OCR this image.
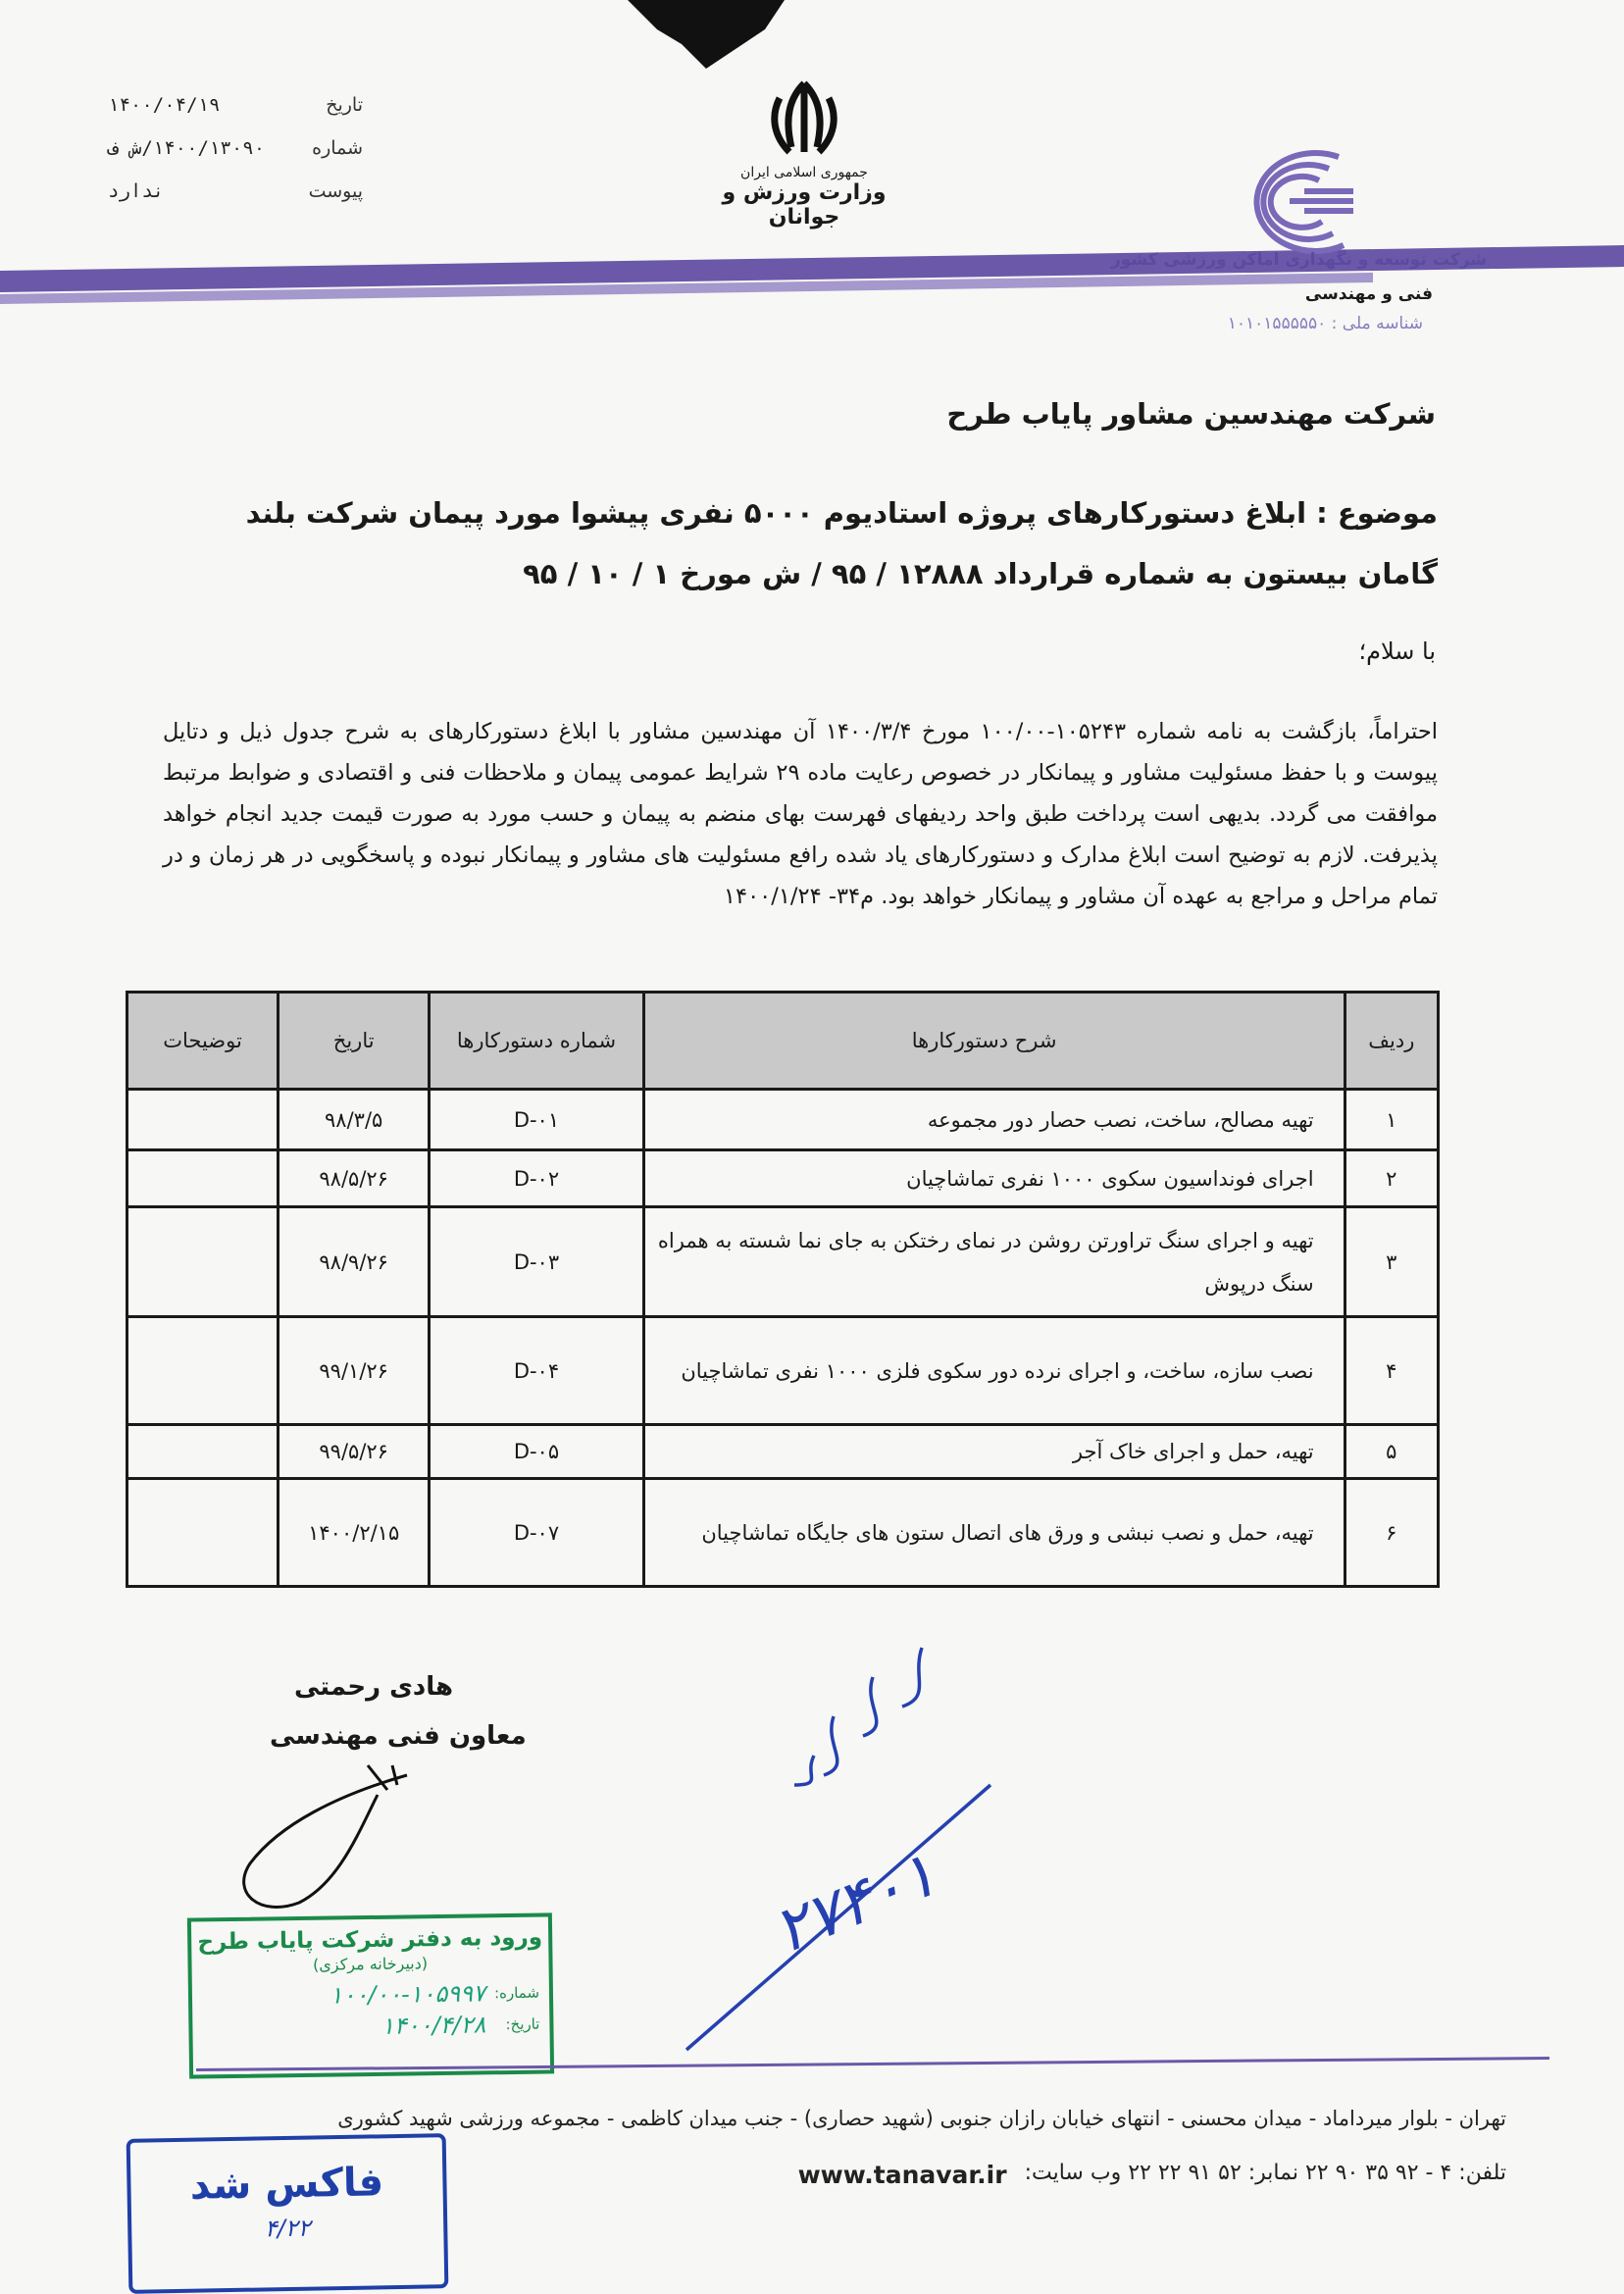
تاریخ
۱۴۰۰/۰۴/۱۹
شماره
۱۴۰۰/۱۳۰۹۰/ش ف
پیوست
ندارد
جمهوری اسلامی ایران
وزارت ورزش و جوانان
شرکت توسعه و نگهداری اماکن ورزشی کشور
فنی و مهندسی
شناسه ملی : ۱۰۱۰۱۵۵۵۵۵۰
شرکت مهندسین مشاور پایاب طرح
موضوع : ابلاغ دستورکارهای پروژه استادیوم ۵۰۰۰ نفری پیشوا مورد پیمان شرکت بلند گامان بیستون به شماره قرارداد ۱۲۸۸۸ / ۹۵ / ش مورخ ۱ / ۱۰ / ۹۵
با سلام؛
احتراماً، بازگشت به نامه شماره ۱۰۵۲۴۳-۱۰۰/۰۰ مورخ ۱۴۰۰/۳/۴ آن مهندسین مشاور با ابلاغ دستورکارهای به شرح جدول ذیل و دتایل پیوست و با حفظ مسئولیت مشاور و پیمانکار در خصوص رعایت ماده ۲۹ شرایط عمومی پیمان و ملاحظات فنی و اقتصادی و ضوابط مرتبط موافقت می گردد. بدیهی است پرداخت طبق واحد ردیفهای فهرست بهای منضم به پیمان و حسب مورد به صورت قیمت جدید انجام خواهد پذیرفت. لازم به توضیح است ابلاغ مدارک و دستورکارهای یاد شده رافع مسئولیت های مشاور و پیمانکار نبوده و پاسخگویی در هر زمان و در تمام مراحل و مراجع به عهده آن مشاور و پیمانکار خواهد بود. م۳۴- ۱۴۰۰/۱/۲۴
ردیف	شرح دستورکارها	شماره دستورکارها	تاریخ	توضیحات
۱	تهیه مصالح، ساخت، نصب حصار دور مجموعه	D-۰۱	۹۸/۳/۵	
۲	اجرای فونداسیون سکوی ۱۰۰۰ نفری تماشاچیان	D-۰۲	۹۸/۵/۲۶	
۳	تهیه و اجرای سنگ تراورتن روشن در نمای رختکن به جای نما شسته به همراه سنگ درپوش	D-۰۳	۹۸/۹/۲۶	
۴	نصب سازه، ساخت، و اجرای نرده دور سکوی فلزی ۱۰۰۰ نفری تماشاچیان	D-۰۴	۹۹/۱/۲۶	
۵	تهیه، حمل و اجرای خاک آجر	D-۰۵	۹۹/۵/۲۶	
۶	تهیه، حمل و نصب نبشی و ورق های اتصال ستون های جایگاه تماشاچیان	D-۰۷	۱۴۰۰/۲/۱۵	
هادی رحمتی
معاون فنی مهندسی
۲۷۴۰۱
ورود به دفتر شرکت پایاب طرح
(دبیرخانه مرکزی)
شماره:
۱۰۰/۰۰-۱۰۵۹۹۷
تاریخ:
۱۴۰۰/۴/۲۸
تهران - بلوار میرداماد - میدان محسنی - انتهای خیابان رازان جنوبی (شهید حصاری) - جنب میدان کاظمی - مجموعه ورزشی شهید کشوری
تلفن: ۴ - ۹۲ ۳۵ ۹۰ ۲۲ نمابر: ۵۲ ۹۱ ۲۲ ۲۲ وب سایت:
www.tanavar.ir
فاکس شد
۴/۲۲
